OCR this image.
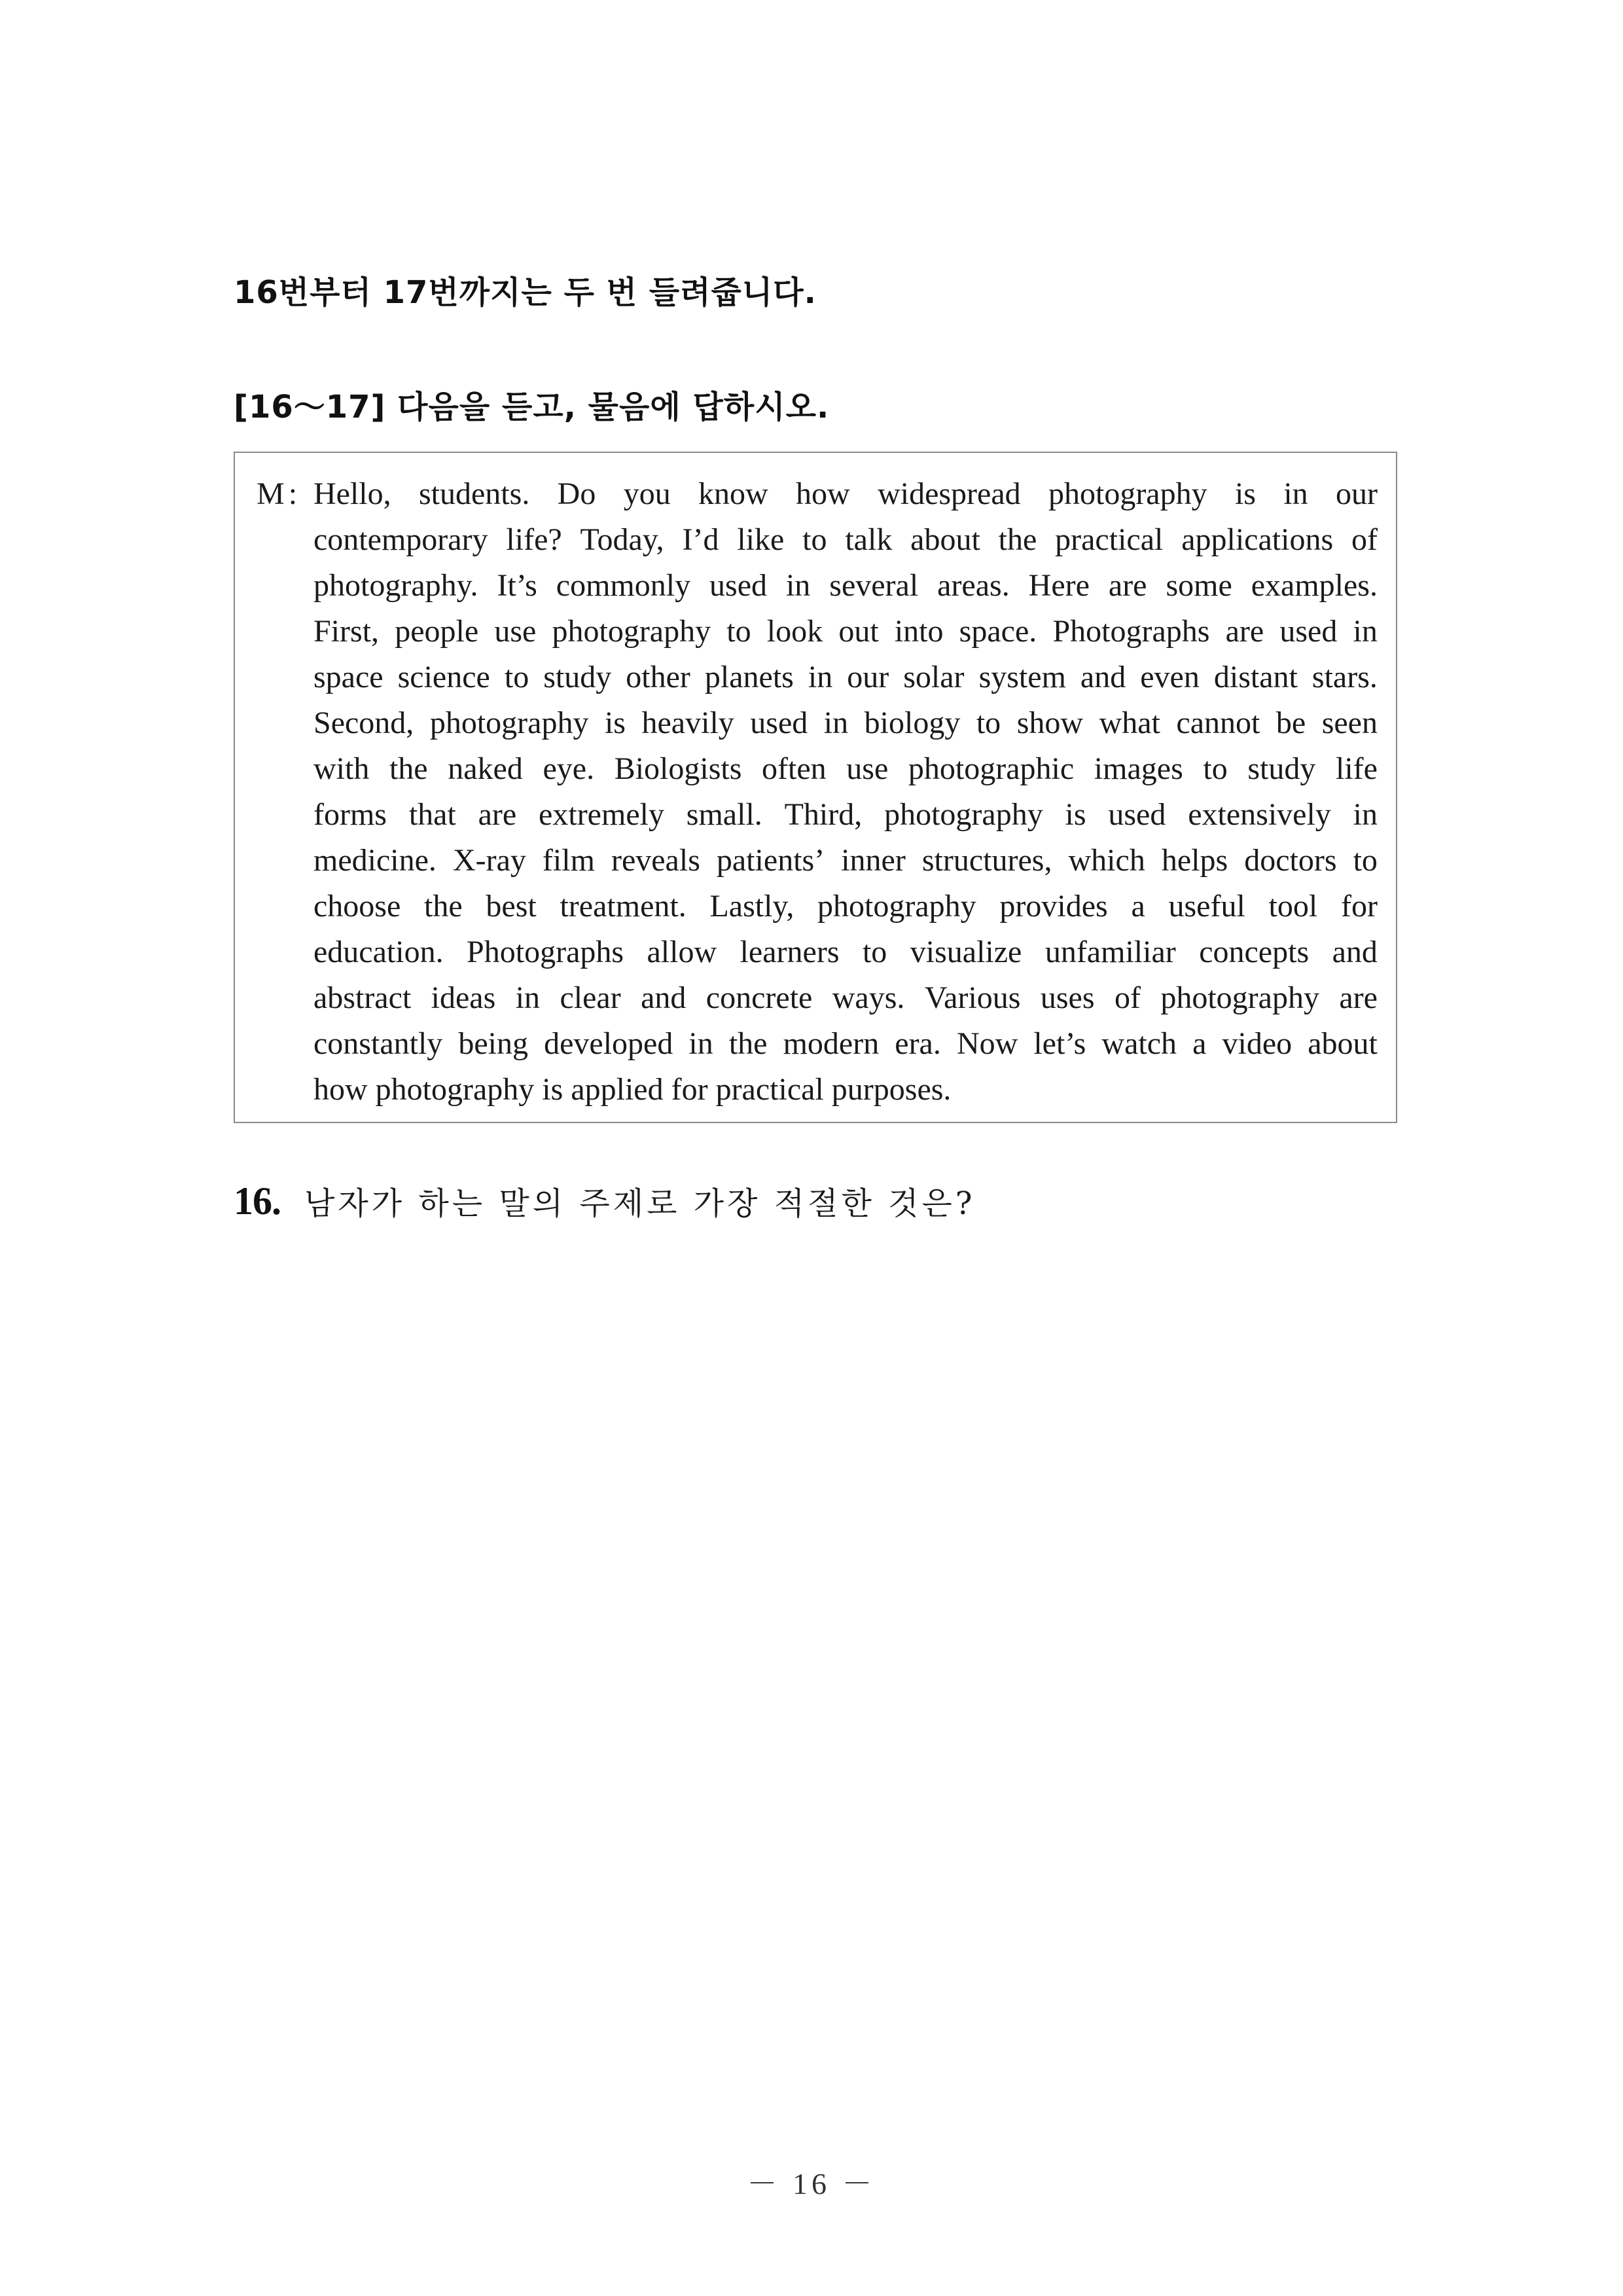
16번부터 17번까지는 두 번 들려줍니다.
[16～17] 다음을 듣고, 물음에 답하시오.
M : Hello, students. Do you know how widespread photography is in our
contemporary life? Today, I’d like to talk about the practical applications of
photography. It’s commonly used in several areas. Here are some examples.
First, people use photography to look out into space. Photographs are used in
space science to study other planets in our solar system and even distant stars.
Second, photography is heavily used in biology to show what cannot be seen
with the naked eye. Biologists often use photographic images to study life
forms that are extremely small. Third, photography is used extensively in
medicine. X-ray film reveals patients’ inner structures, which helps doctors to
choose the best treatment. Lastly, photography provides a useful tool for
education. Photographs allow learners to visualize unfamiliar concepts and
abstract ideas in clear and concrete ways. Various uses of photography are
constantly being developed in the modern era. Now let’s watch a video about
how photography is applied for practical purposes.
16. 남자가 하는 말의 주제로 가장 적절한 것은?
－ 16 －
